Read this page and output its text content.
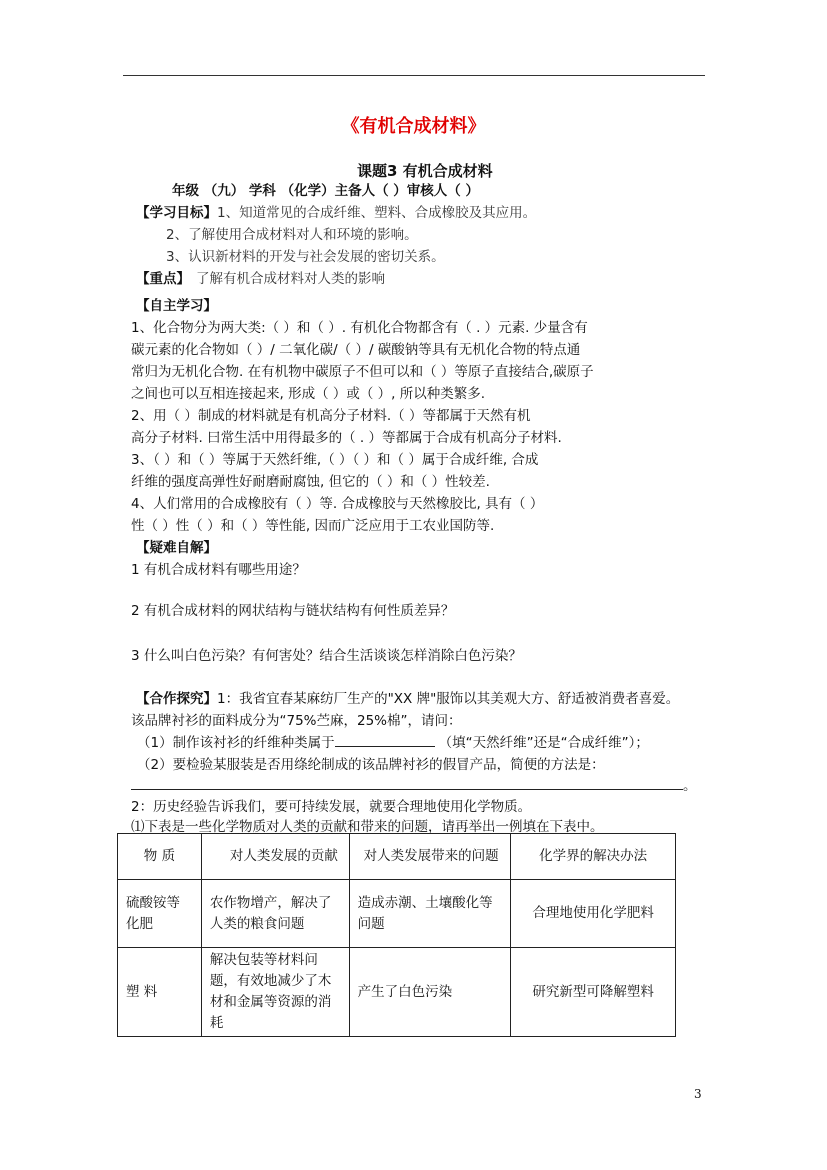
《有机合成材料》
课题3 有机合成材料
年级 （九） 学科 （化学）主备人（ ）审核人（ ）
【学习目标】1、知道常见的合成纤维、塑料、合成橡胶及其应用。
2、了解使用合成材料对人和环境的影响。
3、认识新材料的开发与社会发展的密切关系。
【重点】 了解有机合成材料对人类的影响
【自主学习】
1、化合物分为两大类:（ ）和（ ）. 有机化合物都含有（ . ）元素. 少量含有
碳元素的化合物如（ ）/ 二氧化碳/（ ）/ 碳酸钠等具有无机化合物的特点通
常归为无机化合物. 在有机物中碳原子不但可以和（ ）等原子直接结合,碳原子
之间也可以互相连接起来, 形成（ ）或（ ）, 所以种类繁多.
2、用（ ）制成的材料就是有机高分子材料.（ ）等都属于天然有机
高分子材料. 曰常生活中用得最多的（ . ）等都属于合成有机高分子材料.
3、（ ）和（ ）等属于天然纤维,（ ）（ ）和（ ）属于合成纤维, 合成
纤维的强度高弹性好耐磨耐腐蚀, 但它的（ ）和（ ）性较差.
4、人们常用的合成橡胶有（ ）等. 合成橡胶与天然橡胶比, 具有（ ）
性（ ）性（ ）和（ ）等性能, 因而广泛应用于工农业国防等.
【疑难自解】
1 有机合成材料有哪些用途？
2 有机合成材料的网状结构与链状结构有何性质差异？
3 什么叫白色污染？有何害处？结合生活谈谈怎样消除白色污染？
【合作探究】1：我省宜春某麻纺厂生产的"XX 牌"服饰以其美观大方、舒适被消费者喜爱。
该品牌衬衫的面料成分为“75%苎麻，25%棉”，请问：
（1）制作该衬衫的纤维种类属于	（填“天然纤维”还是“合成纤维”）；
（2）要检验某服装是否用绦纶制成的该品牌衬衫的假冒产品，简便的方法是：
。
2：历史经验告诉我们，要可持续发展，就要合理地使用化学物质。
⑴下表是一些化学物质对人类的贡献和带来的问题，请再举出一例填在下表中。
物 质	对人类发展的贡献	对人类发展带来的问题	化学界的解决办法
硫酸铵等化肥	农作物增产，解决了人类的粮食问题	造成赤潮、土壤酸化等问题	合理地使用化学肥料
塑 料	解决包装等材料问题，有效地减少了木材和金属等资源的消耗	产生了白色污染	研究新型可降解塑料
3
